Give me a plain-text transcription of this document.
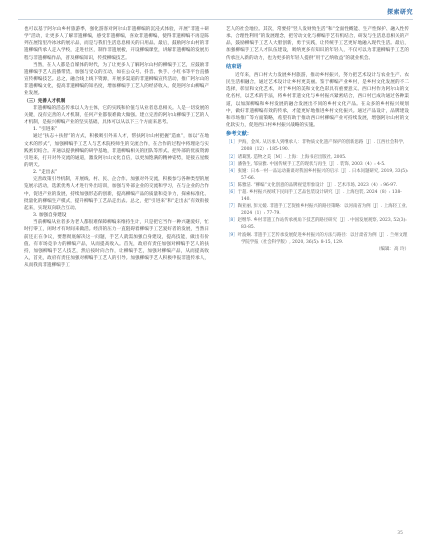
探索研究

也可以基于阿尔山乡村旅游季，强化游客对阿尔山非遗柳编的沉浸式体验，开展“非遗＋研学”活动，让更多人了解非遗柳编，感受非遗柳编，喜欢非遗柳编，使得非遗柳编不再是陈列在展馆里冷冰冰的展示品，而是与我们生活息息相关的日用品。最后，鼓励阿尔山村的非遗柳编传承人走入学校，走进社区，制作非遗展板，开设柳编课堂，讲解非遗柳编的发展历程与非遗柳编作品，普及柳编知识，传授柳编技艺。

当然，在人人都是自媒体的时代，为了让更多人了解阿尔山村的柳编手工艺，应鼓励非遗柳编手艺人直播带货，加强与受众的互动，如在公众号、抖音、快手、小红书等平台直播宣传柳编技艺。总之，融合线上线下资源，开展多渠道的非遗柳编宣传活动，推广阿尔山的非遗柳编文化，提高非遗柳编的知名度，增加柳编手工艺人的经济收入，促进阿尔山柳编产业发展。

（三）完善人才机制

非遗柳编的活态传承以人为主体，它的实践和价值与从业者息息相关。人是一切发展的关键，没有完善的人才机制，任何产业都很难做大做强。建立完善的阿尔山柳编手工艺的人才机制，是振兴柳编产业的坚实基础，具体可以从以下三个方面来思考。

1. “引进来”

通过“扶志＋扶智”的方式，积极吸引外来人才，帮扶阿尔山村把握“造血”，加以“在地文术的形式”，加强柳编手工艺人与艺术院校师生的交流合作，在合作的过程中将理论与实践密切结合。开通以提供柳编的研学基地，非遗柳编相关的团队等形式。把外部的优质资源引进来，打开对外交流的通道，激发阿尔山文化自信，以更加饱满的精神姿势，迎接五星级的明天。

2. “走出去”

完善政策引导机制，开展线、村、民、企合作。加强对外交流，积极参与各种类型的展览展示活动，选派优秀人才进行外出培训，加强与外部企业的交流和学习，在与企业的合作中，促进产业的发展，持续加强形态的创新，提高柳编产品的质量和竞争力，探索标准化、批量化的柳编生产模式，提升柳编手工艺品走出去。总之，把“引进来”和“走出去”有效衔接起来，实现双向联合互动。

3. 加强自身建设

当前柳编从业者多为老人都很难保障柳编来维持生计，只是把它当作一种兴趣爱好，忙时打零工，闲时才有时间来做活。经济的压力一直阻碍着柳编手工艺爱好者的发展，当然日前还正在争议，要想彻底解决这一问题，手艺人就需加强自身建设，提高技能，做出有价值、有市场竞争力的柳编产品，从而提高收入。首先，政府有责任加强对柳编手艺人的扶持，加强柳编手艺人技艺，然后按时向合作，让柳编手艺，加强对柳编产品，从而提高收入，首先，政府有责任加强对柳编手工艺人的引导。加强柳编手艺人积极申报非遗传承人，从而我真非遗柳编手工

艺人的社会地位。其次，常要持“竖人发财致生活”和“全面性概能、生产性保护、融入性传承、合理性利用”的发展理念，把劳动文化与柳编手艺有机结合，研发与生活息息相关的产品，鼓励柳编手工艺人大胆创新，勇于实践，让传统手工艺更好地融入现代生活。最后，加强柳编手工艺人才队伍建设，吸纳更多有知识的年轻人，不仅可以为非遗柳编手工艺的传承注入新的动力，也为更多的年轻人提供“用于乙纳收益”的就业机会。

结束语

近年来，西口村大力发展乡村旅游，推动乡村振兴，努力把艺术设计与农业生产、农民生活相融合，通过艺术设计让乡村更美丽。鉴于柳编产业乡村，是乡村文化发展的不二选择，彰显和文化艺术，对于乡村的美和文化色彩具有重要意义。西口村作为阿尔山的文化名村，以艺术的手法，将乡村非遗文化与乡村振兴紧密结合，西口村已成功通过各种渠道，以加深柳编和乡村发展的融合发展出不同的乡村文化产品。在众多的乡村振兴规划中，做好非遗柳编有效的传承，才能更好地推进乡村文化振兴。通过产品设计，品牌建设和市场推广等方面策略，希望有助于推动西口村柳编产业可持续发展，增强阿尔山村的文化软实力，促进西口村乡村振兴战略的实施。

参考文献：

［1］尹海，金凤. 从历承人到继承人：非物质文化遗产保护的创新思路［J］. 江西社会科学, 2008（12）: 185-190.

［2］诸葛凯. 造物之美［M］. 上海：上海书店出版社, 2005.

［3］潘鲁生, 邹泉雅. 中国传统手工艺的现状与再生［J］. 装饰, 2003（4）: 4-5.

［4］张娅：日本一村一品运动兼谈对我国乡村振兴的启示［J］. 日本问题研究, 2019, 33(5): 57-66.

［5］陈雅洁. “柳编”文化创意的品牌视觉形象设计［J］. 艺术市场, 2023（4）: 96-97.

［6］于超. 乡村振兴视域下民间手工艺品包装设计研究［J］. 上海包装, 2024（8）: 138-140.

［7］陶亚丽, 彭元媛. 非遗手工艺促推乡村振兴的路径策略：以河南省为例［J］. 上海轻工业, 2024（1）: 77-79.

［8］赵继华. 乡村非遗工作站传承视角下技艺的路径研究［J］. 中国发展观察, 2023, 52(3): 83-85.

［9］叶波娴. 非遗手工艺传承发展促进乡村振兴的方法与路径：以甘肃省为例［J］. 兰州文理学院学报（社会科学版）, 2020, 36(5): 8-15, 129.

（编辑：高 玲）

35
